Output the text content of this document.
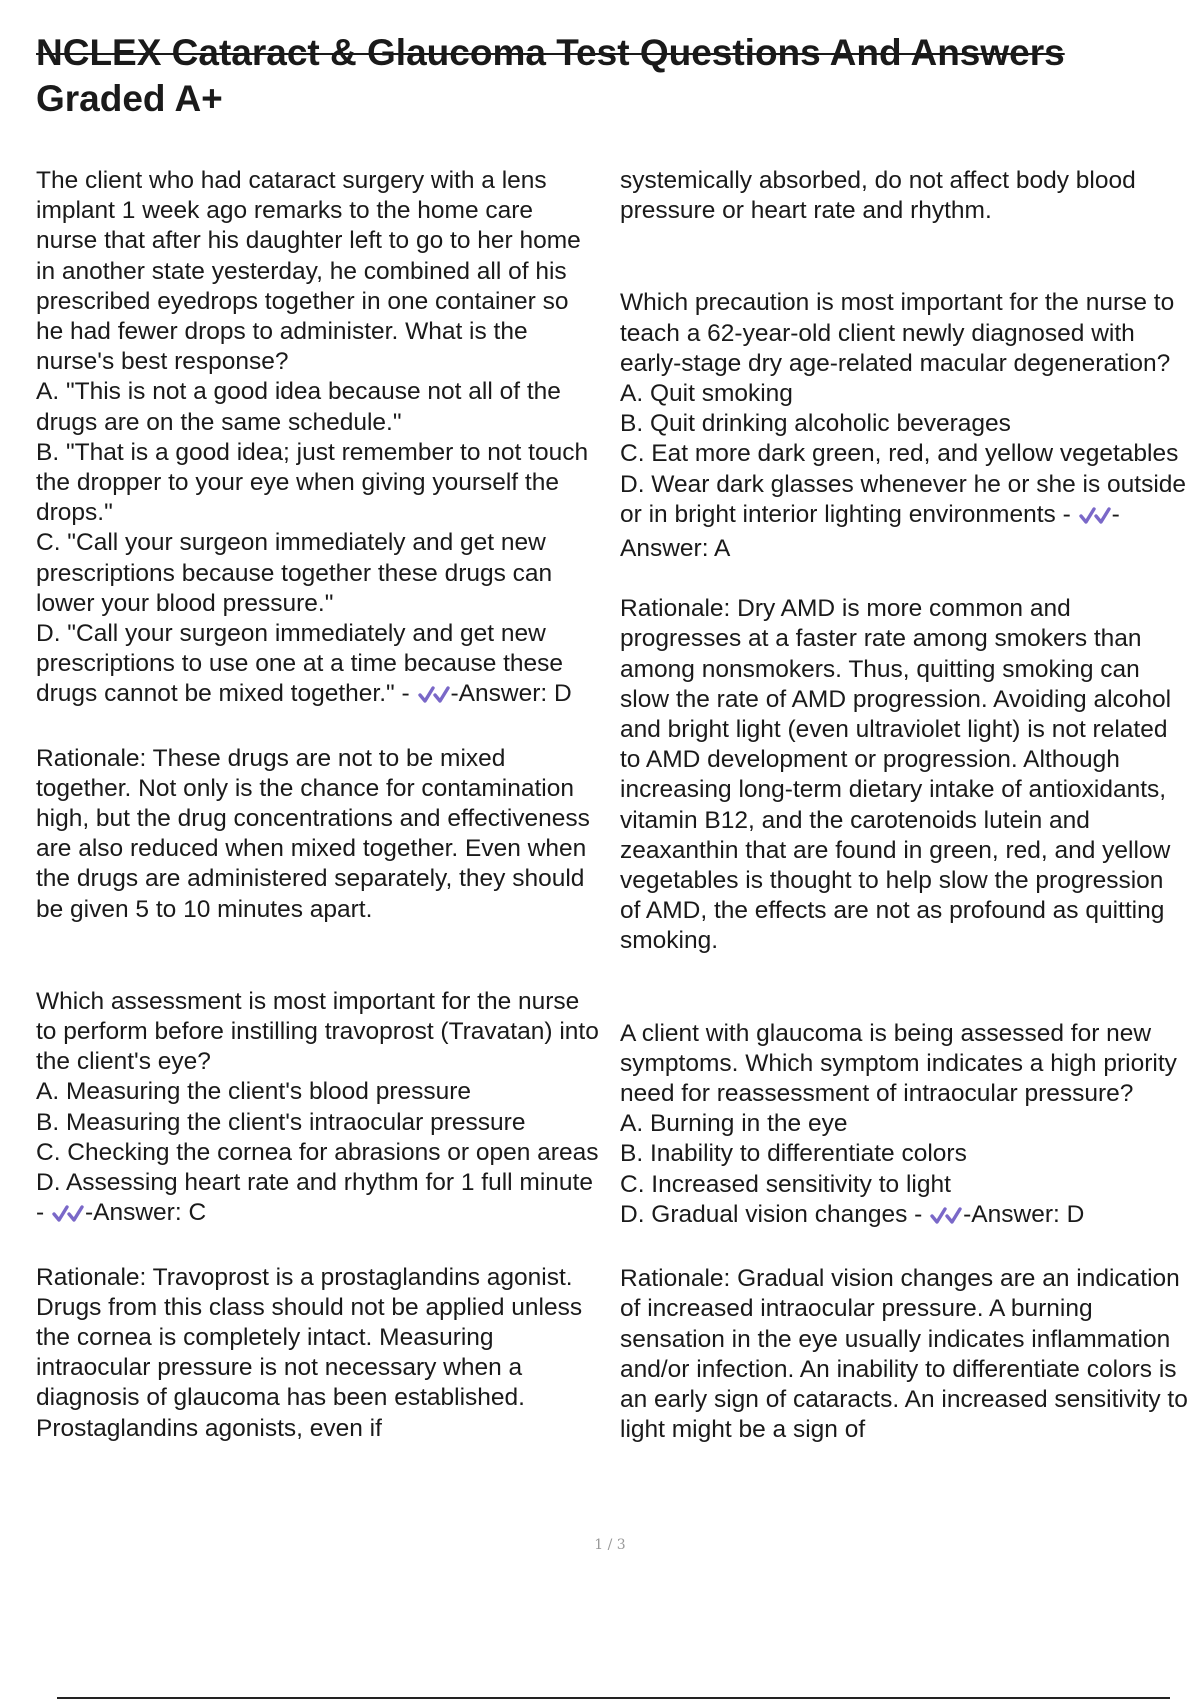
NCLEX Cataract & Glaucoma Test Questions And Answers
Graded A+

The client who had cataract surgery with a lens implant 1 week ago remarks to the home care nurse that after his daughter left to go to her home in another state yesterday, he combined all of his prescribed eyedrops together in one container so he had fewer drops to administer. What is the nurse's best response?

A. "This is not a good idea because not all of the drugs are on the same schedule."

B. "That is a good idea; just remember to not touch the dropper to your eye when giving yourself the drops."

C. "Call your surgeon immediately and get new prescriptions because together these drugs can lower your blood pressure."

D. "Call your surgeon immediately and get new prescriptions to use one at a time because these drugs cannot be mixed together." - -Answer: D

Rationale: These drugs are not to be mixed together. Not only is the chance for contamination high, but the drug concentrations and effectiveness are also reduced when mixed together. Even when the drugs are administered separately, they should be given 5 to 10 minutes apart.

Which assessment is most important for the nurse to perform before instilling travoprost (Travatan) into the client's eye?

A. Measuring the client's blood pressure

B. Measuring the client's intraocular pressure

C. Checking the cornea for abrasions or open areas

D. Assessing heart rate and rhythm for 1 full minute - -Answer: C

Rationale: Travoprost is a prostaglandins agonist. Drugs from this class should not be applied unless the cornea is completely intact. Measuring intraocular pressure is not necessary when a diagnosis of glaucoma has been established. Prostaglandins agonists, even if

systemically absorbed, do not affect body blood pressure or heart rate and rhythm.

Which precaution is most important for the nurse to teach a 62-year-old client newly diagnosed with early-stage dry age-related macular degeneration?

A. Quit smoking

B. Quit drinking alcoholic beverages

C. Eat more dark green, red, and yellow vegetables

D. Wear dark glasses whenever he or she is outside or in bright interior lighting environments - -Answer: A

Rationale: Dry AMD is more common and progresses at a faster rate among smokers than among nonsmokers. Thus, quitting smoking can slow the rate of AMD progression. Avoiding alcohol and bright light (even ultraviolet light) is not related to AMD development or progression. Although increasing long-term dietary intake of antioxidants, vitamin B12, and the carotenoids lutein and zeaxanthin that are found in green, red, and yellow vegetables is thought to help slow the progression of AMD, the effects are not as profound as quitting smoking.

A client with glaucoma is being assessed for new symptoms. Which symptom indicates a high priority need for reassessment of intraocular pressure?

A. Burning in the eye

B. Inability to differentiate colors

C. Increased sensitivity to light

D. Gradual vision changes - -Answer: D

Rationale: Gradual vision changes are an indication of increased intraocular pressure. A burning sensation in the eye usually indicates inflammation and/or infection. An inability to differentiate colors is an early sign of cataracts. An increased sensitivity to light might be a sign of

1 / 3
